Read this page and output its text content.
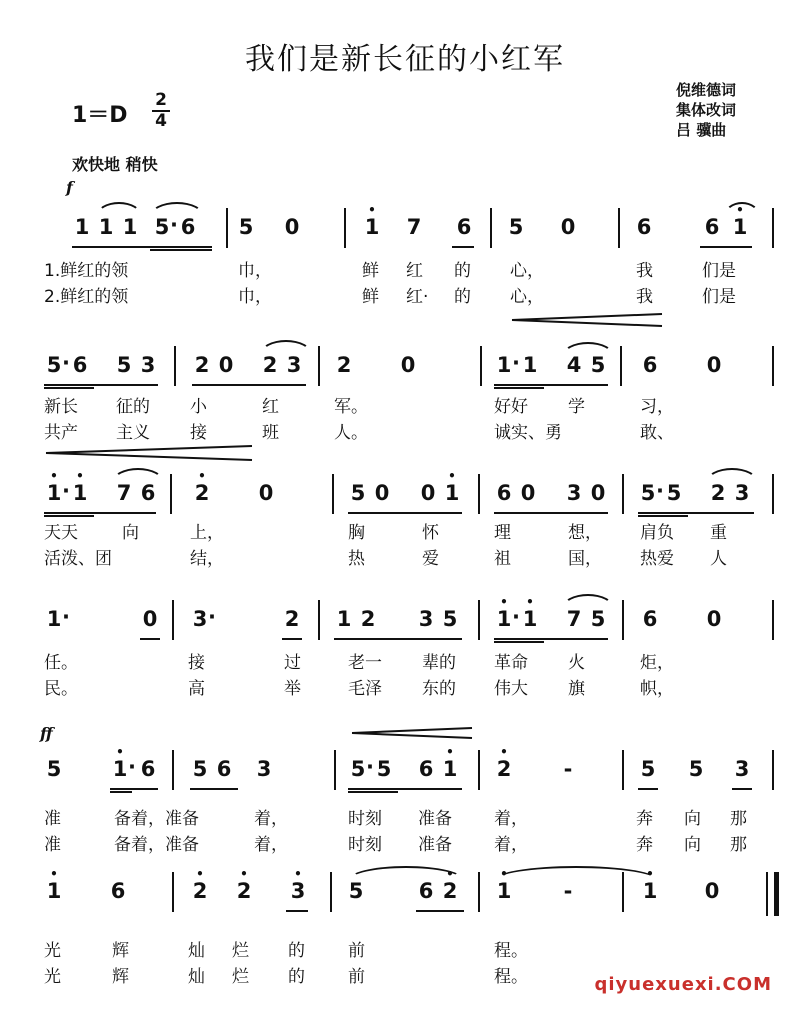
我们是新长征的小红军
倪维德词
集体改词
吕 骥曲
1＝D
2
4
欢快地 稍快
f
1 1 1 5 · 6 5 0	• 1 7 6 5 0	6	6 • 1
1.鲜红的领	巾，	鲜 红 的 心，	我	们是
2.鲜红的领	巾，	鲜 红· 的 心，	我	们是
5 · 6 5 3 2 0 2 3 2 0	1 · 1 4 5 6 0
新长 征的 小	红	军。	好好 学	习，
共产 主义 接	班	人。	诚实、勇	敢、
• 1 · • 1 7 6 • 2 0	5 0 0 • 1 6 0 3 0 5 · 5 2 3
天天	向	上，	胸	怀	理	想， 肩负 重
活泼、团	结，	热	爱	祖	国， 热爱 人
1 ·	0 3 ·	2 1 2 3 5 • 1 · • 1 7 5 6 0
任。	接	过	老一 辈的 革命 火	炬，
民。	高	举	毛泽 东的 伟大 旗	帜，
ff
5 • 1 · 6 5 6 3	5 · 5 6 • 1 • 2 -	5 5 3
准	备着，准备	着，	时刻 准备 着，	奔 向 那
准	备着，准备	着，	时刻 准备 着，	奔 向 那
• 1 6	• 2 • 2 • 3 5	6 • 2 • 1 -	• 1 0
光	辉	灿 烂 的	前	程。
光	辉	灿 烂 的	前	程。	qiyuexuexi.COM
